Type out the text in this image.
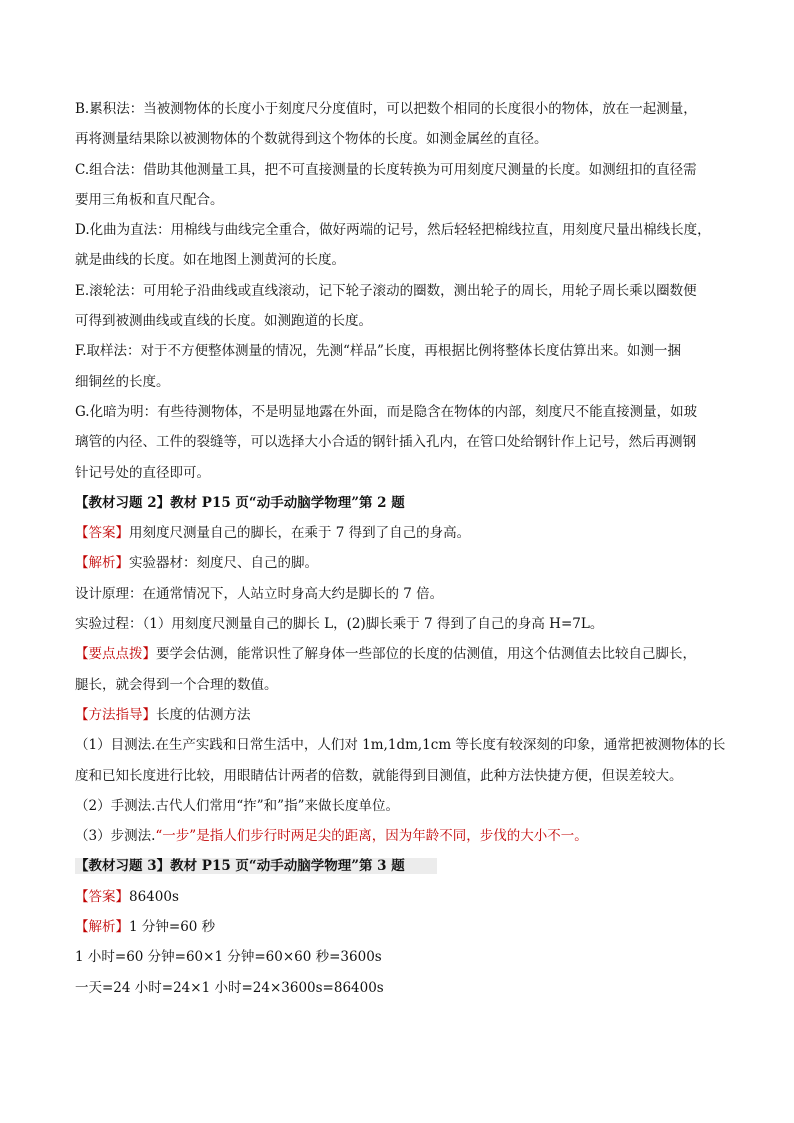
B.累积法：当被测物体的长度小于刻度尺分度值时，可以把数个相同的长度很小的物体，放在一起测量，
再将测量结果除以被测物体的个数就得到这个物体的长度。如测金属丝的直径。
C.组合法：借助其他测量工具，把不可直接测量的长度转换为可用刻度尺测量的长度。如测纽扣的直径需
要用三角板和直尺配合。
D.化曲为直法：用棉线与曲线完全重合，做好两端的记号，然后轻轻把棉线拉直，用刻度尺量出棉线长度，
就是曲线的长度。如在地图上测黄河的长度。
E.滚轮法：可用轮子沿曲线或直线滚动，记下轮子滚动的圈数，测出轮子的周长，用轮子周长乘以圈数便
可得到被测曲线或直线的长度。如测跑道的长度。
F.取样法：对于不方便整体测量的情况，先测“样品”长度，再根据比例将整体长度估算出来。如测一捆
细铜丝的长度。
G.化暗为明：有些待测物体，不是明显地露在外面，而是隐含在物体的内部，刻度尺不能直接测量，如玻
璃管的内径、工件的裂缝等，可以选择大小合适的钢针插入孔内，在管口处给钢针作上记号，然后再测钢
针记号处的直径即可。
【教材习题 2】教材 P15 页“动手动脑学物理”第 2 题
【答案】用刻度尺测量自己的脚长，在乘于 7 得到了自己的身高。
【解析】实验器材：刻度尺、自己的脚。
设计原理：在通常情况下，人站立时身高大约是脚长的 7 倍。
实验过程：（1）用刻度尺测量自己的脚长 L，(2)脚长乘于 7 得到了自己的身高 H=7L。
【要点点拨】要学会估测，能常识性了解身体一些部位的长度的估测值，用这个估测值去比较自己脚长，
腿长，就会得到一个合理的数值。
【方法指导】长度的估测方法
（1）目测法.在生产实践和日常生活中，人们对 1m,1dm,1cm 等长度有较深刻的印象，通常把被测物体的长
度和已知长度进行比较，用眼睛估计两者的倍数，就能得到目测值，此种方法快捷方便，但误差较大。
（2）手测法.古代人们常用“拃”和”指”来做长度单位。
（3）步测法.“一步”是指人们步行时两足尖的距离，因为年龄不同，步伐的大小不一。
【教材习题 3】教材 P15 页“动手动脑学物理”第 3 题
【答案】86400s
【解析】1 分钟=60 秒
1 小时=60 分钟=60×1 分钟=60×60 秒=3600s
一天=24 小时=24×1 小时=24×3600s=86400s
